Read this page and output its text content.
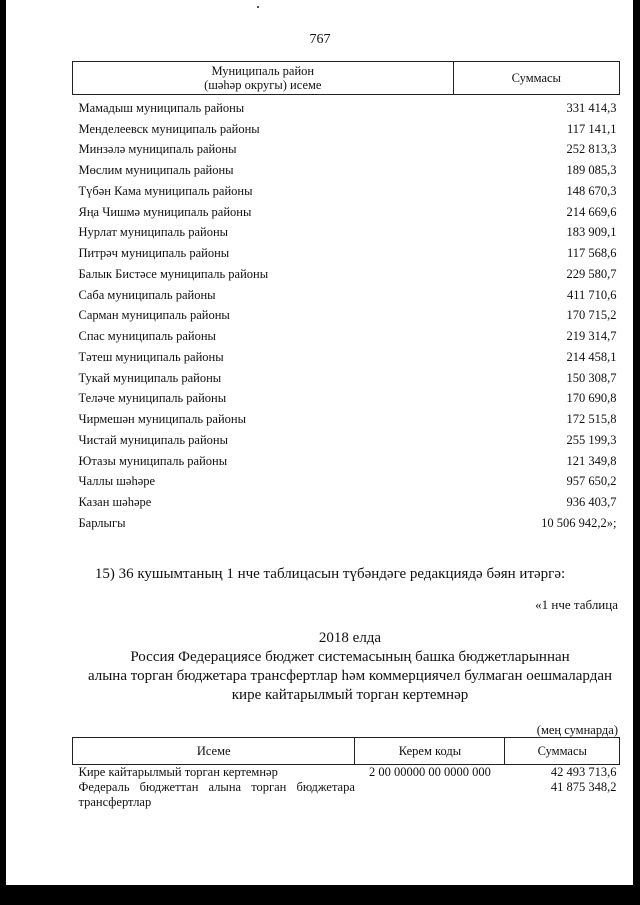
767
Муниципаль район
(шәһәр округы) исеме	Суммасы
Мамадыш муниципаль районы	331 414,3
Менделеевск муниципаль районы	117 141,1
Минзәлә муниципаль районы	252 813,3
Мөслим муниципаль районы	189 085,3
Түбән Кама муниципаль районы	148 670,3
Яңа Чишмә муниципаль районы	214 669,6
Нурлат муниципаль районы	183 909,1
Питрәч муниципаль районы	117 568,6
Балык Бистәсе муниципаль районы	229 580,7
Саба муниципаль районы	411 710,6
Сарман муниципаль районы	170 715,2
Спас муниципаль районы	219 314,7
Тәтеш муниципаль районы	214 458,1
Тукай муниципаль районы	150 308,7
Теләче муниципаль районы	170 690,8
Чирмешән муниципаль районы	172 515,8
Чистай муниципаль районы	255 199,3
Ютазы муниципаль районы	121 349,8
Чаллы шәһәре	957 650,2
Казан шәһәре	936 403,7
Барлыгы	10 506 942,2»;
15) 36 кушымтаның 1 нче таблицасын түбәндәге редакциядә бәян итәргә:
«1 нче таблица
2018 елда
Россия Федерациясе бюджет системасының башка бюджетларыннан
алына торган бюджетара трансфертлар һәм коммерциячел булмаган оешмалардан
кире кайтарылмый торган кертемнәр
(мең сумнарда)
Исеме	Керем коды	Суммасы
Кире кайтарылмый торган кертемнәр	2 00 00000 00 0000 000	42 493 713,6

Федераль бюджеттан алына торган бюджетара
трансфертлар		41 875 348,2
